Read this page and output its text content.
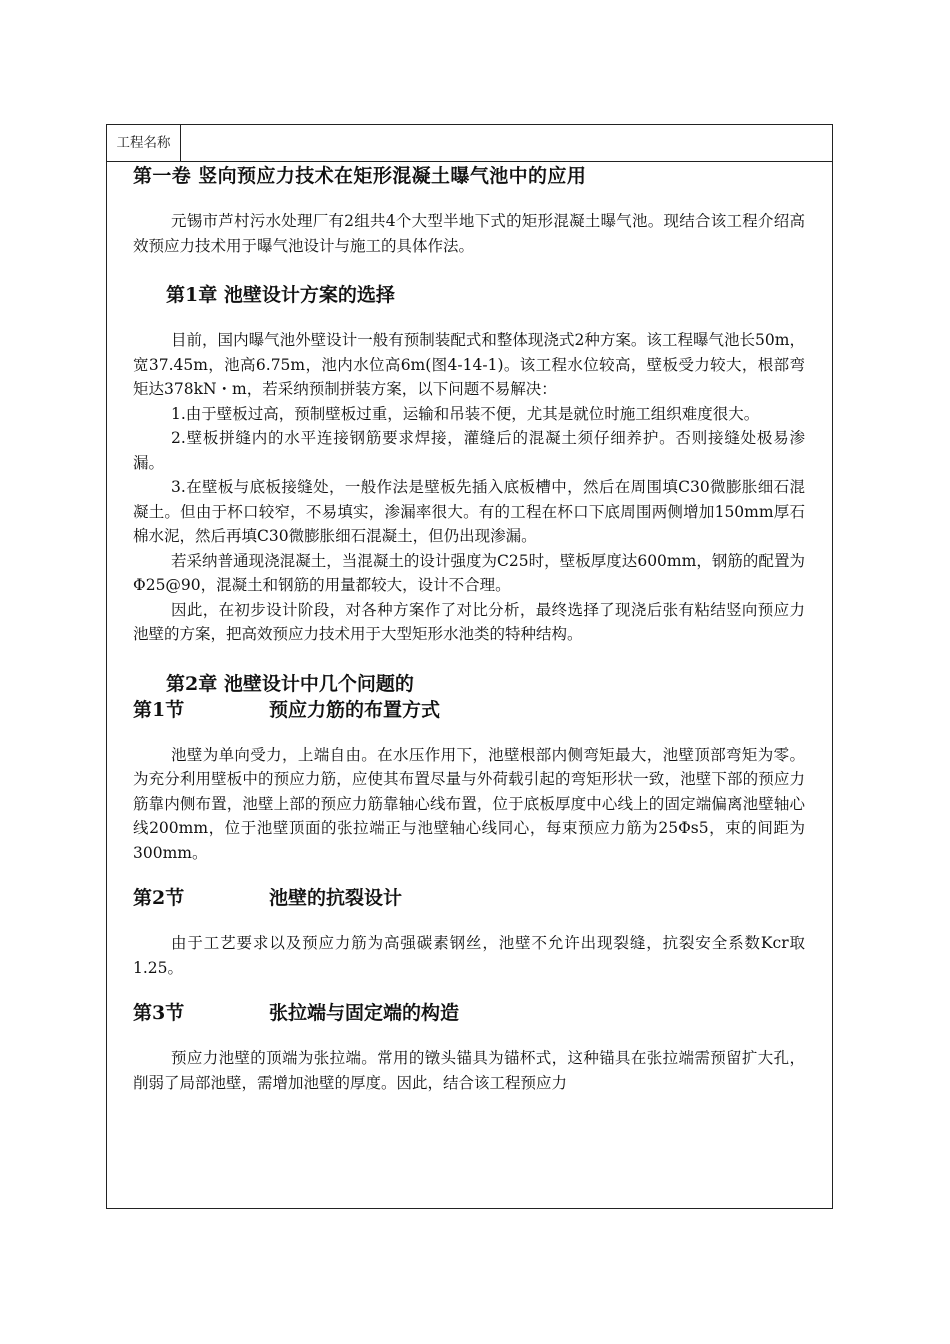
工程名称
第一卷 竖向预应力技术在矩形混凝土曝气池中的应用

元锡市芦村污水处理厂有2组共4个大型半地下式的矩形混凝土曝气池。现结合该工程介绍高效预应力技术用于曝气池设计与施工的具体作法。

第1章 池壁设计方案的选择

目前，国内曝气池外壁设计一般有预制装配式和整体现浇式2种方案。该工程曝气池长50m，宽37.45m，池高6.75m，池内水位高6m(图4-14-1)。该工程水位较高，壁板受力较大，根部弯矩达378kN・m，若采纳预制拼装方案，以下问题不易解决：

1.由于壁板过高，预制壁板过重，运输和吊装不便，尤其是就位时施工组织难度很大。

2.壁板拼缝内的水平连接钢筋要求焊接，灌缝后的混凝土须仔细养护。否则接缝处极易渗漏。

3.在壁板与底板接缝处，一般作法是壁板先插入底板槽中，然后在周围填C30微膨胀细石混凝土。但由于杯口较窄，不易填实，渗漏率很大。有的工程在杯口下底周围两侧增加150mm厚石棉水泥，然后再填C30微膨胀细石混凝土，但仍出现渗漏。

若采纳普通现浇混凝土，当混凝土的设计强度为C25时，壁板厚度达600mm，钢筋的配置为Φ25@90，混凝土和钢筋的用量都较大，设计不合理。

因此，在初步设计阶段，对各种方案作了对比分析，最终选择了现浇后张有粘结竖向预应力池壁的方案，把高效预应力技术用于大型矩形水池类的特种结构。

第2章 池壁设计中几个问题的
第1节	预应力筋的布置方式

池壁为单向受力，上端自由。在水压作用下，池壁根部内侧弯矩最大，池壁顶部弯矩为零。为充分利用壁板中的预应力筋，应使其布置尽量与外荷载引起的弯矩形状一致，池壁下部的预应力筋靠内侧布置，池壁上部的预应力筋靠轴心线布置，位于底板厚度中心线上的固定端偏离池壁轴心线200mm，位于池壁顶面的张拉端正与池壁轴心线同心，每束预应力筋为25Φs5，束的间距为300mm。

第2节	池壁的抗裂设计

由于工艺要求以及预应力筋为高强碳素钢丝，池壁不允许出现裂缝，抗裂安全系数Kcr取1.25。

第3节	张拉端与固定端的构造

预应力池壁的顶端为张拉端。常用的镦头锚具为锚杯式，这种锚具在张拉端需预留扩大孔，削弱了局部池壁，需增加池壁的厚度。因此，结合该工程预应力
